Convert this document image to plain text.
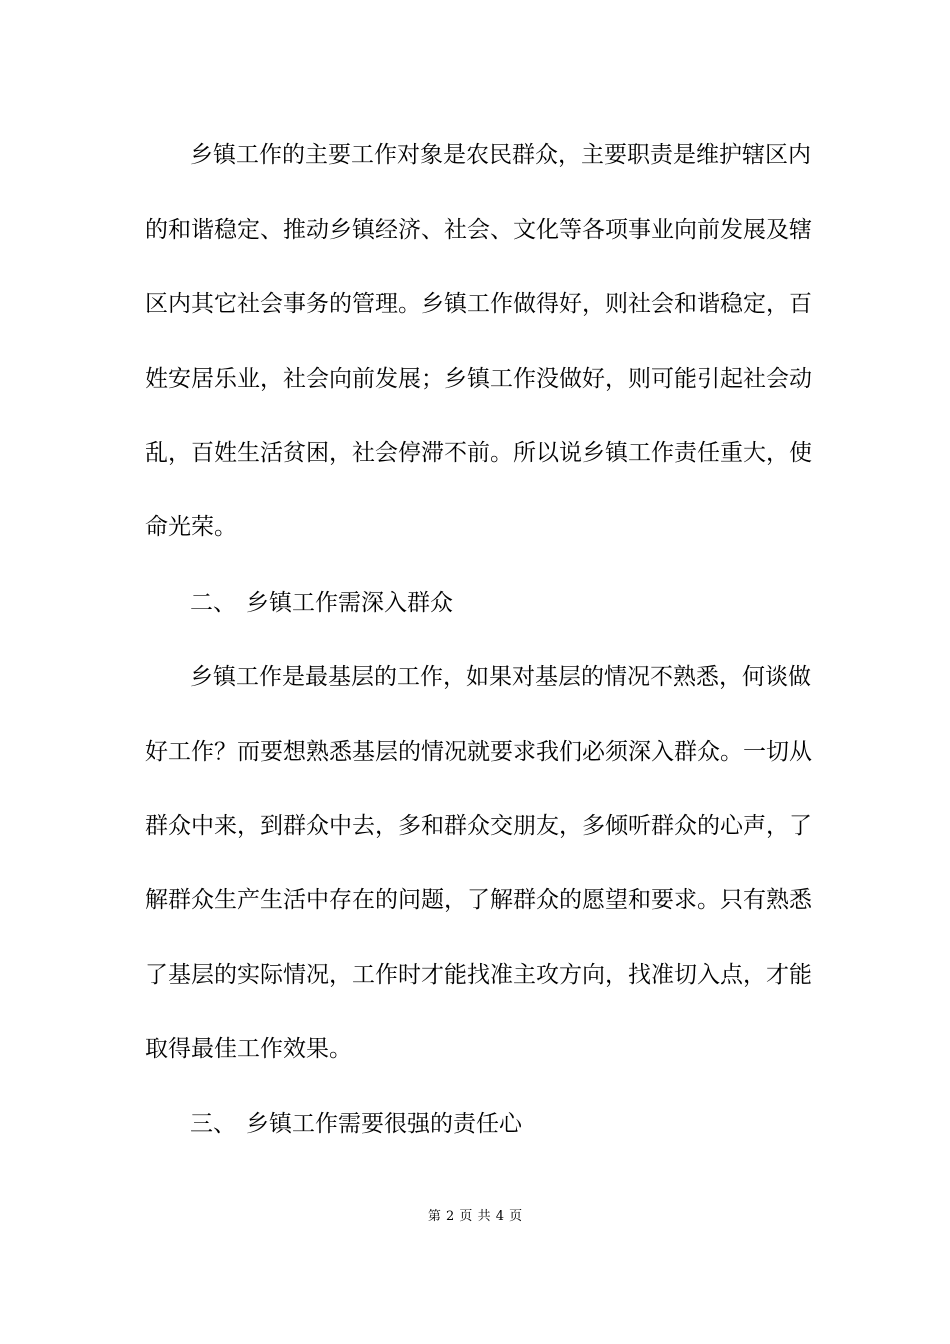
乡镇工作的主要工作对象是农民群众，主要职责是维护辖区内
的和谐稳定、推动乡镇经济、社会、文化等各项事业向前发展及辖
区内其它社会事务的管理。乡镇工作做得好，则社会和谐稳定，百
姓安居乐业，社会向前发展；乡镇工作没做好，则可能引起社会动
乱，百姓生活贫困，社会停滞不前。所以说乡镇工作责任重大，使
命光荣。
二、 乡镇工作需深入群众
乡镇工作是最基层的工作，如果对基层的情况不熟悉，何谈做
好工作？而要想熟悉基层的情况就要求我们必须深入群众。一切从
群众中来，到群众中去，多和群众交朋友，多倾听群众的心声，了
解群众生产生活中存在的问题，了解群众的愿望和要求。只有熟悉
了基层的实际情况，工作时才能找准主攻方向，找准切入点，才能
取得最佳工作效果。
三、 乡镇工作需要很强的责任心
第 2 页 共 4 页
